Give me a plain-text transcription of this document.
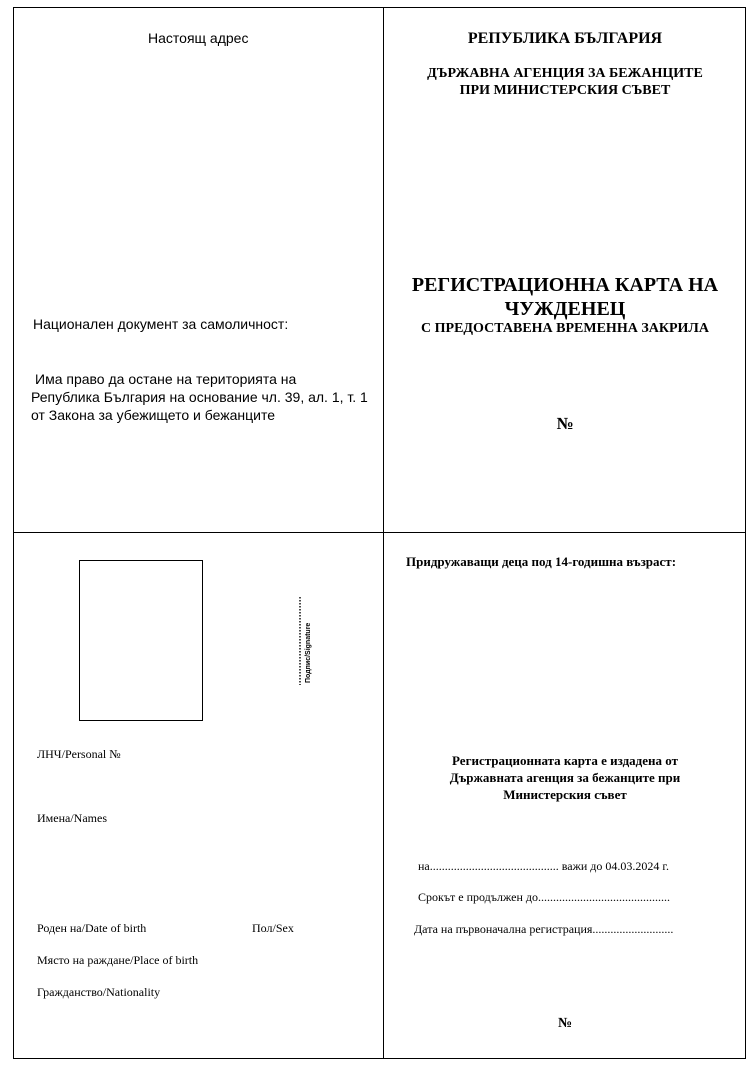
Настоящ адрес
Национален документ за самоличност:
Има право да остане на територията на
Република България на основание чл. 39, ал. 1, т. 1
от Закона за убежището и бежанците
РЕПУБЛИКА БЪЛГАРИЯ
ДЪРЖАВНА АГЕНЦИЯ ЗА БЕЖАНЦИТЕ
ПРИ МИНИСТЕРСКИЯ СЪВЕТ
РЕГИСТРАЦИОННА КАРТА НА
ЧУЖДЕНЕЦ
С ПРЕДОСТАВЕНА ВРЕМЕННА ЗАКРИЛА
№
Подпис/Signature
ЛНЧ/Personal №
Имена/Names
Роден на/Date of birth	Пол/Sex
Място на раждане/Place of birth
Гражданство/Nationality
Придружаващи деца под 14-годишна възраст:
Регистрационната карта е издадена от
Държавната агенция за бежанците при
Министерския съвет
на........................................... важи до 04.03.2024 г.
Срокът е продължен до............................................
Дата на първоначална регистрация...........................
№
